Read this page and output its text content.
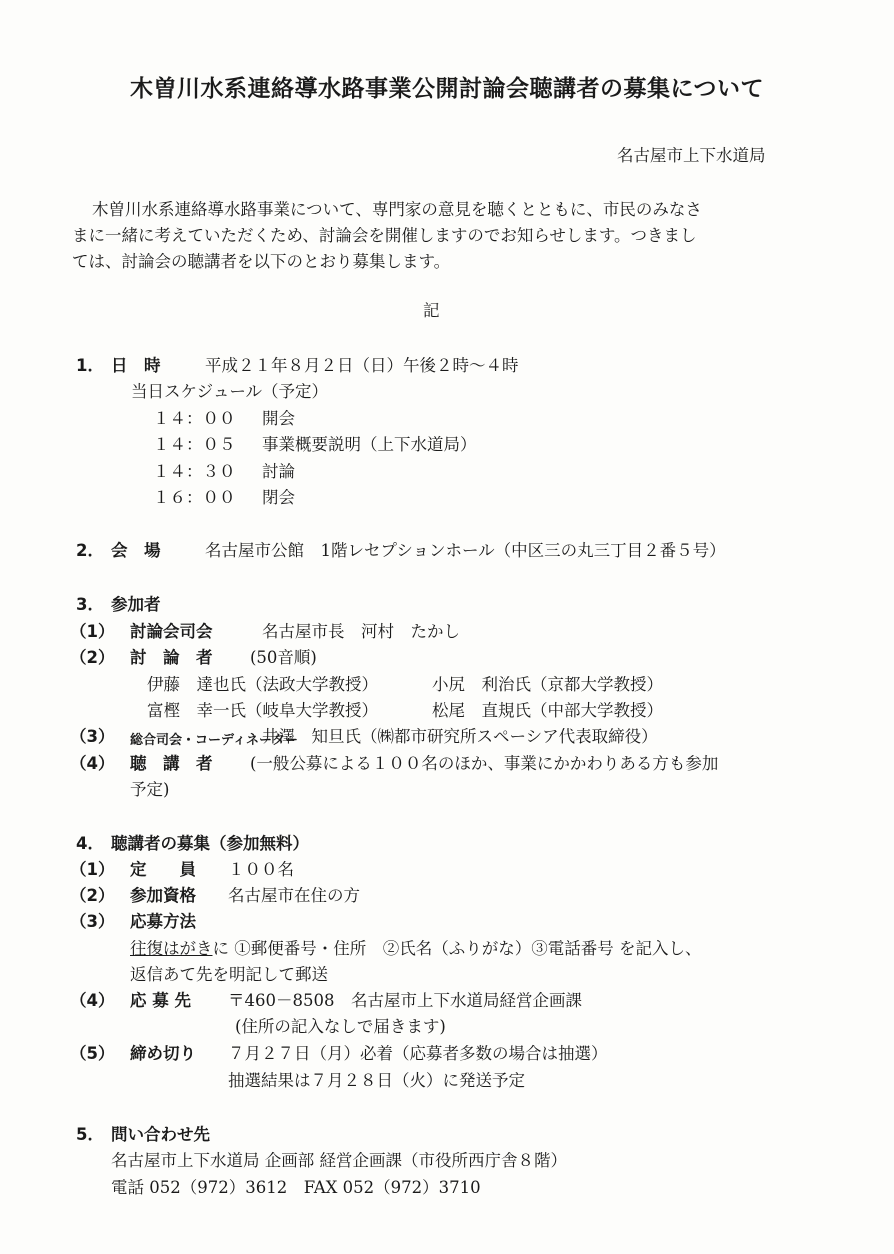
木曽川水系連絡導水路事業公開討論会聴講者の募集について
名古屋市上下水道局
木曽川水系連絡導水路事業について、専門家の意見を聴くとともに、市民のみなさ
まに一緒に考えていただくため、討論会を開催しますのでお知らせします。つきまし
ては、討論会の聴講者を以下のとおり募集します。
記
1． 日　時	平成２１年８月２日（日）午後２時～４時
当日スケジュール（予定）
１４：００ 開会
１４：０５ 事業概要説明（上下水道局）
１４：３０ 討論
１６：００ 閉会
2． 会　場	名古屋市公館　1階レセプションホール（中区三の丸三丁目２番５号）
3． 参加者
（1） 討論会司会	名古屋市長　河村　たかし
（2） 討　論　者 (50音順)
伊藤　達也氏（法政大学教授）	小尻　利治氏（京都大学教授）
富樫　幸一氏（岐阜大学教授）	松尾　直規氏（中部大学教授）
（3） 総合司会・コーディネーター
井澤　知旦氏（㈱都市研究所スペーシア代表取締役）
（4） 聴　講　者 (一般公募による１００名のほか、事業にかかわりある方も参加
予定)
4． 聴講者の募集（参加無料）
（1） 定　　員 １００名
（2） 参加資格 名古屋市在住の方
（3） 応募方法
往復はがきに ①郵便番号・住所　②氏名（ふりがな）③電話番号 を記入し、
返信あて先を明記して郵送
（4） 応 募 先 〒460－8508　名古屋市上下水道局経営企画課
(住所の記入なしで届きます)
（5） 締め切り ７月２７日（月）必着（応募者多数の場合は抽選）
抽選結果は７月２８日（火）に発送予定
5． 問い合わせ先
名古屋市上下水道局 企画部 経営企画課（市役所西庁舎８階）
電話 052（972）3612　FAX 052（972）3710
